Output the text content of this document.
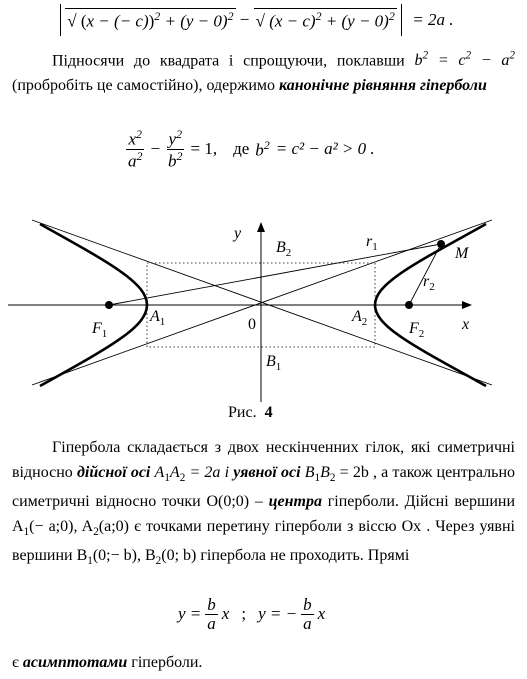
√ (x − (− $c))^2 + (y - 0)^2$ − √ $(x - c)^2 + (y - 0)^2 = 2a$ .
Підносячи до квадрата і спрощуючи, поклавши $b^2 = c^2 - a^2$ (пробробіть це самостійно), одержимо канонічне рівняння гіперболи
$\frac{x^2}{a^2} - \frac{y^2}{b^2} = 1$, де $b^2 = c^2 - a^2 > 0$ .
y
x
0
$B_2$
$B_1$
$r_1$
$r_2$
M
$F_1$	$F_2$
$A_1$	$A_2$
Рис. 4
Гіпербола складається з двох нескінченних гілок, які симетричні відносно дійсної осі $A_1A_2 = 2a$ і уявної осі $B_1B_2 = 2b$ , а також центрально симетричні відносно точки O(0;0) – центра гіперболи. Дійсні вершини $A_1(-$ a;0), $A_2(a;0)$ є точками перетину гіперболи з віссю Ox . Через уявні вершини $B_1(0;- b)$, $B_2(0$; b) гіпербола не проходить. Прямі
$y = \frac{b}{a}$ x ; y = − $\frac{b}{a}$ x
є асимптотами гіперболи.
